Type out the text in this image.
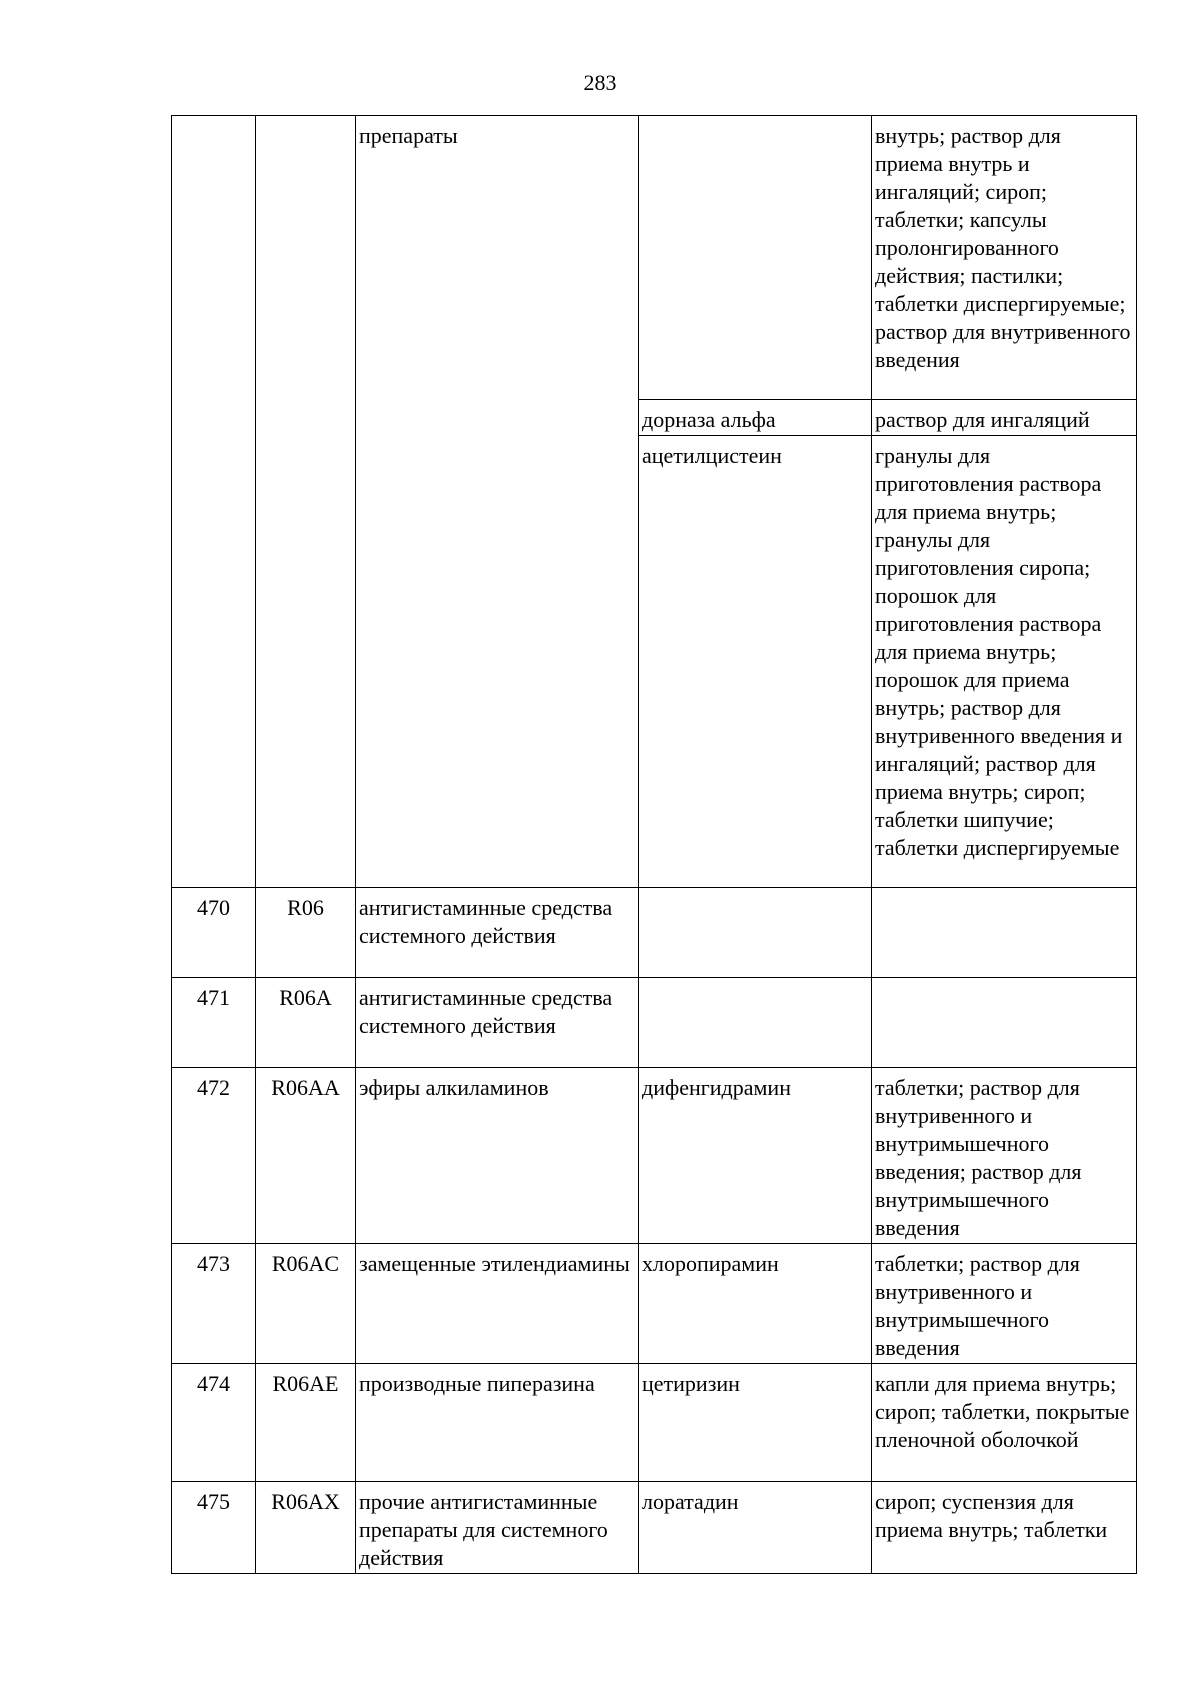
283
		препараты		внутрь; раствор для приема внутрь и ингаляций; сироп; таблетки; капсулы пролонгированного действия; пастилки; таблетки диспергируемые; раствор для внутривенного введения
			дорназа альфа	раствор для ингаляций
			ацетилцистеин	гранулы для приготовления раствора для приема внутрь; гранулы для приготовления сиропа; порошок для приготовления раствора для приема внутрь; порошок для приема внутрь; раствор для внутривенного введения и ингаляций; раствор для приема внутрь; сироп; таблетки шипучие; таблетки диспергируемые
470	R06	антигистаминные средства системного действия		
471	R06A	антигистаминные средства системного действия		
472	R06AA	эфиры алкиламинов	дифенгидрамин	таблетки; раствор для внутривенного и внутримышечного введения; раствор для внутримышечного введения
473	R06AC	замещенные этилендиамины	хлоропирамин	таблетки; раствор для внутривенного и внутримышечного введения
474	R06AE	производные пиперазина	цетиризин	капли для приема внутрь; сироп; таблетки, покрытые пленочной оболочкой
475	R06AX	прочие антигистаминные препараты для системного действия	лоратадин	сироп; суспензия для приема внутрь; таблетки
